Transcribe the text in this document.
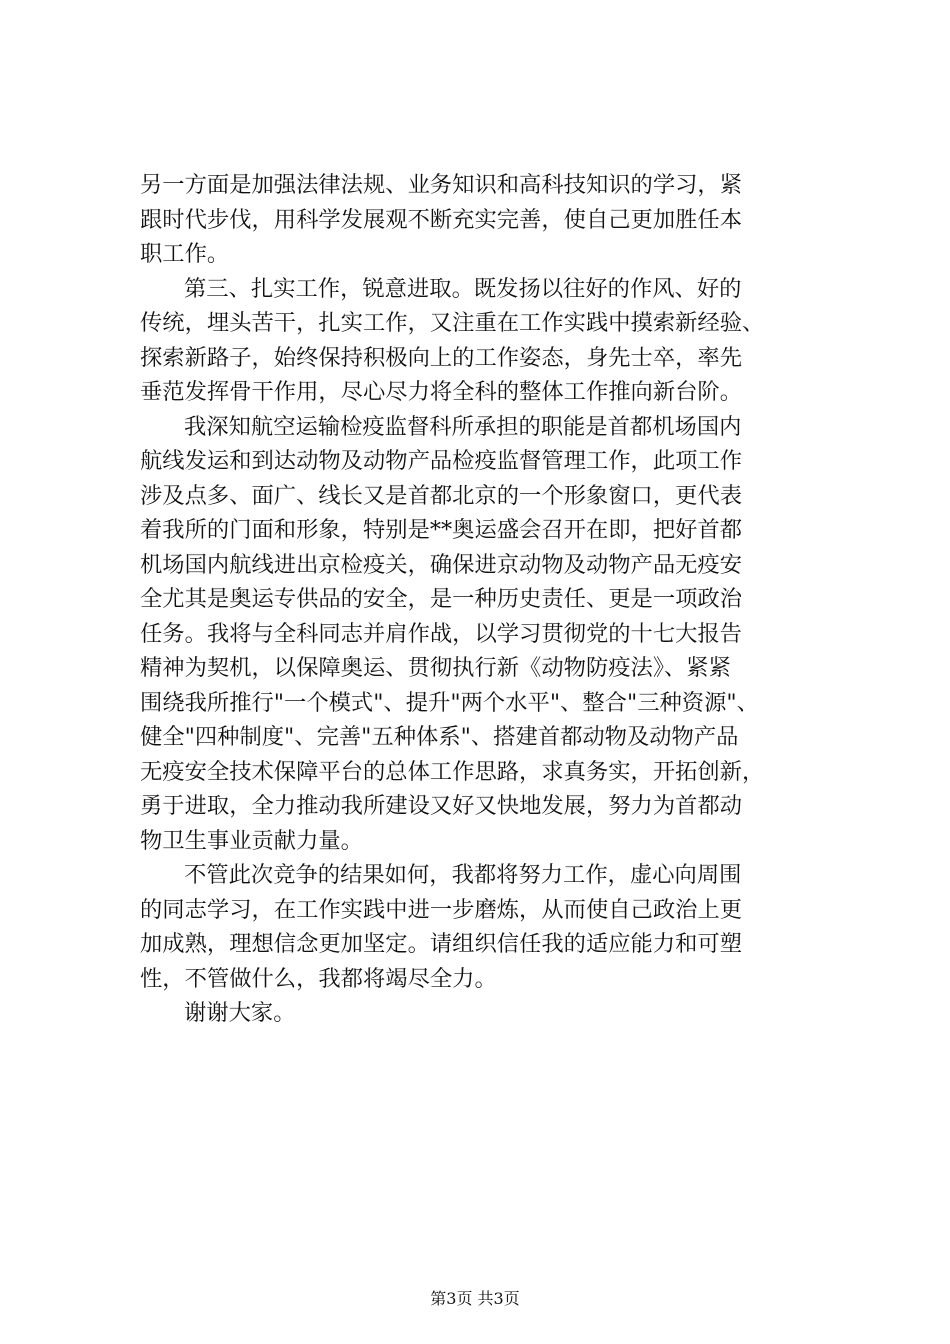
另一方面是加强法律法规、业务知识和高科技知识的学习，紧
跟时代步伐，用科学发展观不断充实完善，使自己更加胜任本
职工作。
第三、扎实工作，锐意进取。既发扬以往好的作风、好的
传统，埋头苦干，扎实工作，又注重在工作实践中摸索新经验、
探索新路子，始终保持积极向上的工作姿态，身先士卒，率先
垂范发挥骨干作用，尽心尽力将全科的整体工作推向新台阶。
我深知航空运输检疫监督科所承担的职能是首都机场国内
航线发运和到达动物及动物产品检疫监督管理工作，此项工作
涉及点多、面广、线长又是首都北京的一个形象窗口，更代表
着我所的门面和形象，特别是**奥运盛会召开在即，把好首都
机场国内航线进出京检疫关，确保进京动物及动物产品无疫安
全尤其是奥运专供品的安全，是一种历史责任、更是一项政治
任务。我将与全科同志并肩作战，以学习贯彻党的十七大报告
精神为契机，以保障奥运、贯彻执行新《动物防疫法》、紧紧
围绕我所推行"一个模式"、提升"两个水平"、整合"三种资源"、
健全"四种制度"、完善"五种体系"、搭建首都动物及动物产品
无疫安全技术保障平台的总体工作思路，求真务实，开拓创新，
勇于进取，全力推动我所建设又好又快地发展，努力为首都动
物卫生事业贡献力量。
不管此次竞争的结果如何，我都将努力工作，虚心向周围
的同志学习，在工作实践中进一步磨炼，从而使自己政治上更
加成熟，理想信念更加坚定。请组织信任我的适应能力和可塑
性，不管做什么，我都将竭尽全力。
谢谢大家。
第3页 共3页
